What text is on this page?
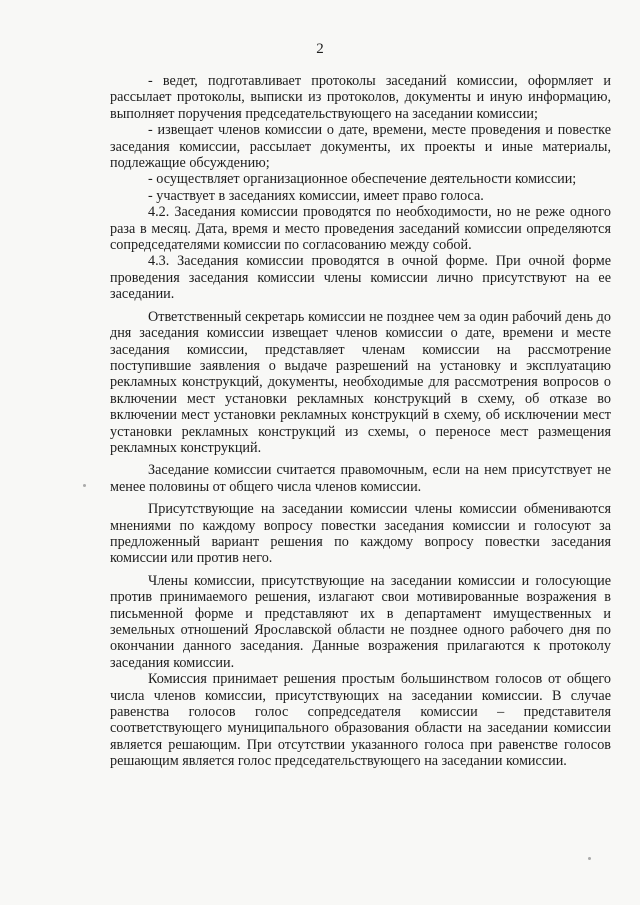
2

- ведет, подготавливает протоколы заседаний комиссии, оформляет и рассылает протоколы, выписки из протоколов, документы и иную информацию, выполняет поручения председательствующего на заседании комиссии;

- извещает членов комиссии о дате, времени, месте проведения и повестке заседания комиссии, рассылает документы, их проекты и иные материалы, подлежащие обсуждению;

- осуществляет организационное обеспечение деятельности комиссии;

- участвует в заседаниях комиссии, имеет право голоса.

4.2. Заседания комиссии проводятся по необходимости, но не реже одного раза в месяц. Дата, время и место проведения заседаний комиссии определяются сопредседателями комиссии по согласованию между собой.

4.3. Заседания комиссии проводятся в очной форме. При очной форме проведения заседания комиссии члены комиссии лично присутствуют на ее заседании.

Ответственный секретарь комиссии не позднее чем за один рабочий день до дня заседания комиссии извещает членов комиссии о дате, времени и месте заседания комиссии, представляет членам комиссии на рассмотрение поступившие заявления о выдаче разрешений на установку и эксплуатацию рекламных конструкций, документы, необходимые для рассмотрения вопросов о включении мест установки рекламных конструкций в схему, об отказе во включении мест установки рекламных конструкций в схему, об исключении мест установки рекламных конструкций из схемы, о переносе мест размещения рекламных конструкций.

Заседание комиссии считается правомочным, если на нем присутствует не менее половины от общего числа членов комиссии.

Присутствующие на заседании комиссии члены комиссии обмениваются мнениями по каждому вопросу повестки заседания комиссии и голосуют за предложенный вариант решения по каждому вопросу повестки заседания комиссии или против него.

Члены комиссии, присутствующие на заседании комиссии и голосующие против принимаемого решения, излагают свои мотивированные возражения в письменной форме и представляют их в департамент имущественных и земельных отношений Ярославской области не позднее одного рабочего дня по окончании данного заседания. Данные возражения прилагаются к протоколу заседания комиссии.

Комиссия принимает решения простым большинством голосов от общего числа членов комиссии, присутствующих на заседании комиссии. В случае равенства голосов голос сопредседателя комиссии – представителя соответствующего муниципального образования области на заседании комиссии является решающим. При отсутствии указанного голоса при равенстве голосов решающим является голос председательствующего на заседании комиссии.
